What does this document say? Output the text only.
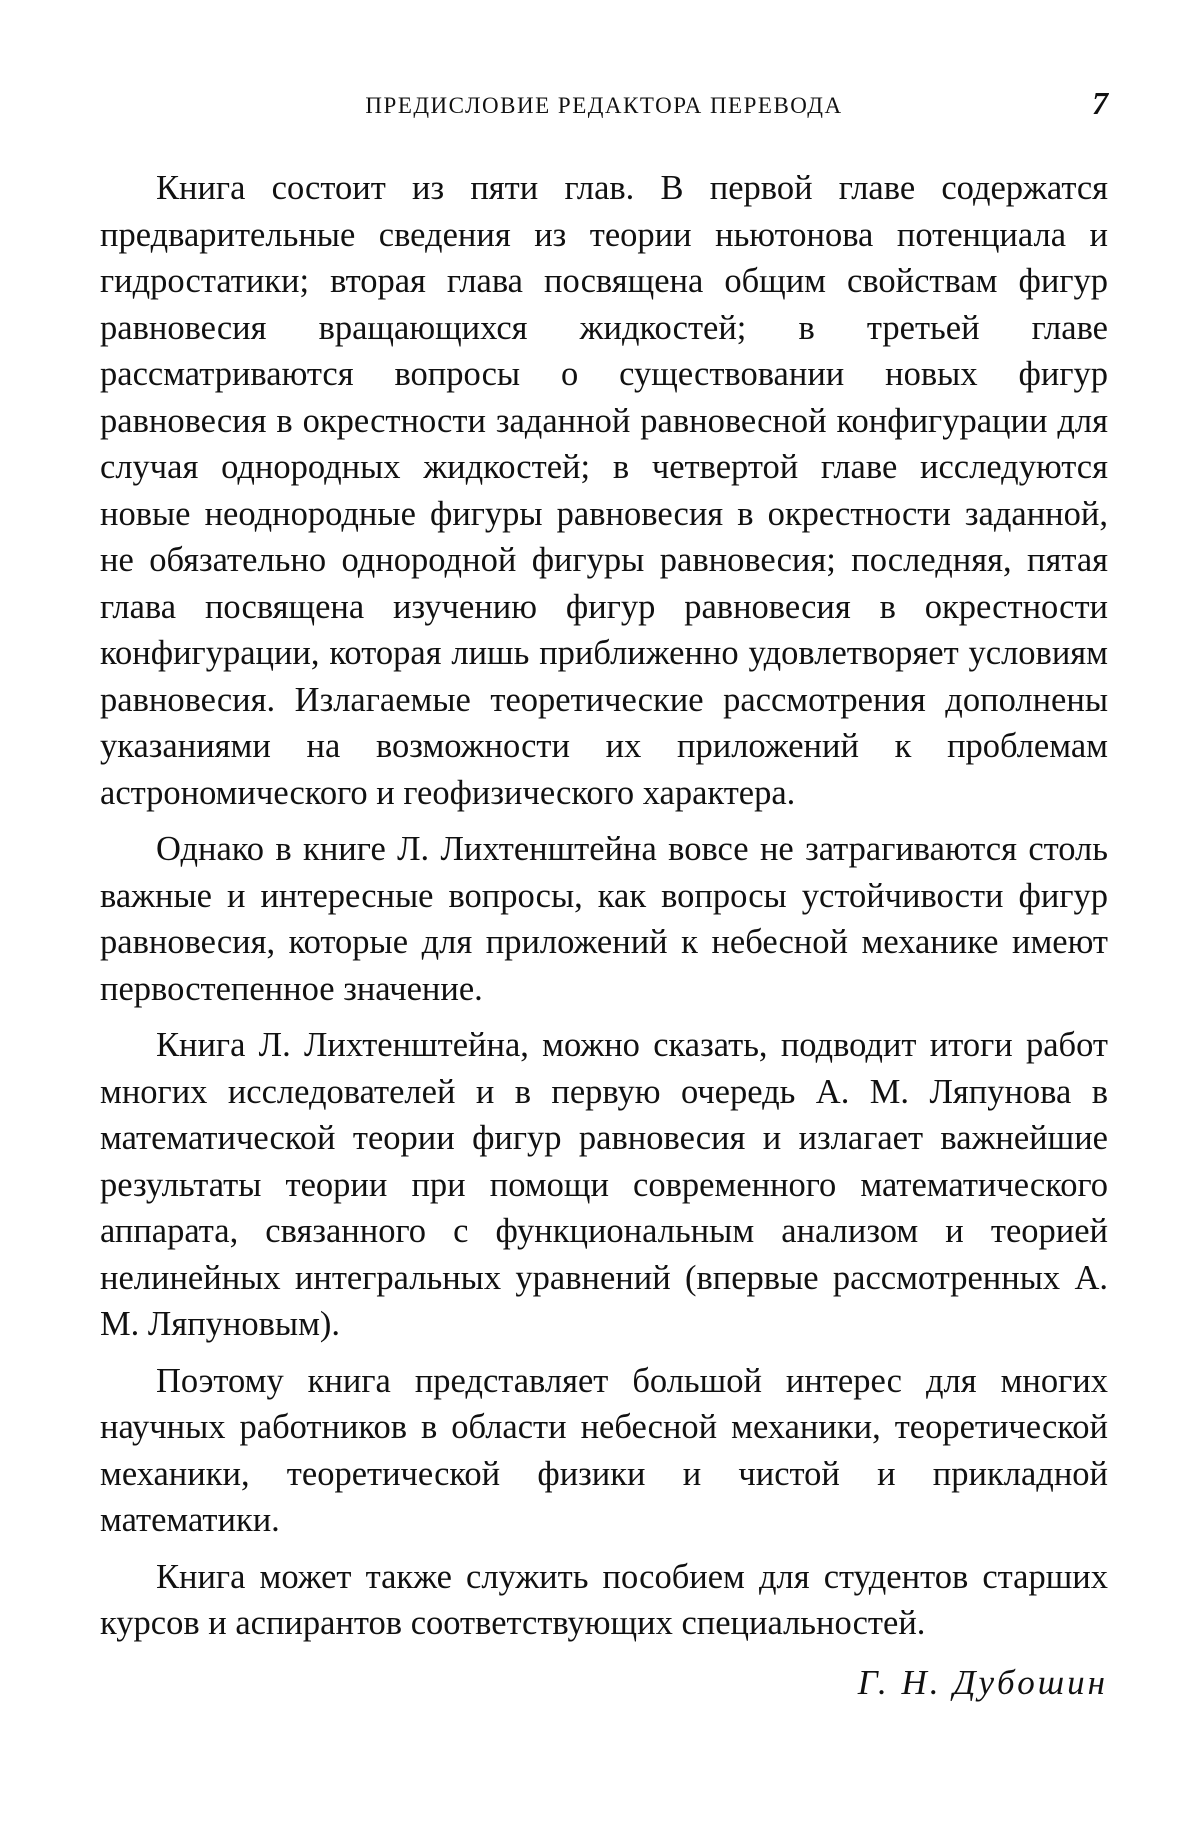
ПРЕДИСЛОВИЕ РЕДАКТОРА ПЕРЕВОДА	7

Книга состоит из пяти глав. В первой главе содержатся предварительные сведения из теории ньютонова потенциала и гидростатики; вторая глава посвящена общим свойствам фигур равновесия вращающихся жидкостей; в третьей главе рассматриваются вопросы о существовании новых фигур равновесия в окрестности заданной равновесной конфигурации для случая однородных жидкостей; в четвертой главе исследуются новые неоднородные фигуры равновесия в окрестности заданной, не обязательно однородной фигуры равновесия; последняя, пятая глава посвящена изучению фигур равновесия в окрестности конфигурации, которая лишь приближенно удовлетворяет условиям равновесия. Излагаемые теоретические рассмотрения дополнены указаниями на возможности их приложений к проблемам астрономического и геофизического характера.

Однако в книге Л. Лихтенштейна вовсе не затрагиваются столь важные и интересные вопросы, как вопросы устойчивости фигур равновесия, которые для приложений к небесной механике имеют первостепенное значение.

Книга Л. Лихтенштейна, можно сказать, подводит итоги работ многих исследователей и в первую очередь А. М. Ляпунова в математической теории фигур равновесия и излагает важнейшие результаты теории при помощи современного математического аппарата, связанного с функциональным анализом и теорией нелинейных интегральных уравнений (впервые рассмотренных А. М. Ляпуновым).

Поэтому книга представляет большой интерес для многих научных работников в области небесной механики, теоретической механики, теоретической физики и чистой и прикладной математики.

Книга может также служить пособием для студентов старших курсов и аспирантов соответствующих специальностей.

Г. Н. Дубошин
